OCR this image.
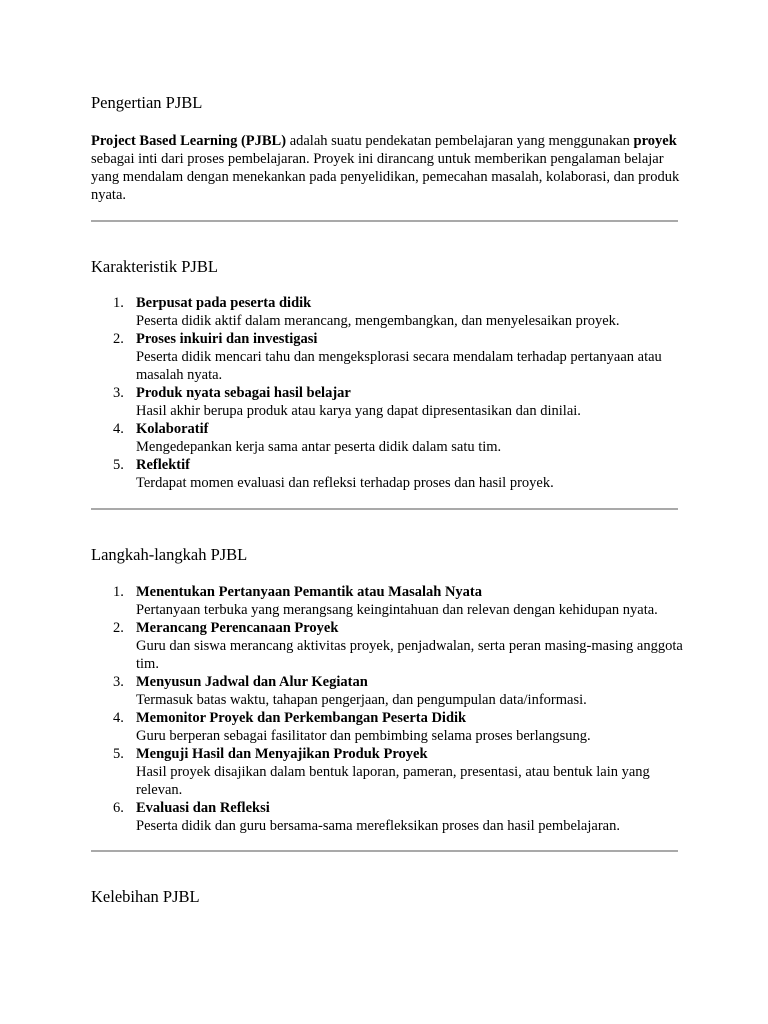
Pengertian PJBL

Project Based Learning (PJBL) adalah suatu pendekatan pembelajaran yang menggunakan proyek sebagai inti dari proses pembelajaran. Proyek ini dirancang untuk memberikan pengalaman belajar yang mendalam dengan menekankan pada penyelidikan, pemecahan masalah, kolaborasi, dan produk nyata.

Karakteristik PJBL
1. Berpusat pada peserta didik
Peserta didik aktif dalam merancang, mengembangkan, dan menyelesaikan proyek.
2. Proses inkuiri dan investigasi
Peserta didik mencari tahu dan mengeksplorasi secara mendalam terhadap pertanyaan atau masalah nyata.
3. Produk nyata sebagai hasil belajar
Hasil akhir berupa produk atau karya yang dapat dipresentasikan dan dinilai.
4. Kolaboratif
Mengedepankan kerja sama antar peserta didik dalam satu tim.
5. Reflektif
Terdapat momen evaluasi dan refleksi terhadap proses dan hasil proyek.
Langkah-langkah PJBL
1. Menentukan Pertanyaan Pemantik atau Masalah Nyata
Pertanyaan terbuka yang merangsang keingintahuan dan relevan dengan kehidupan nyata.
2. Merancang Perencanaan Proyek
Guru dan siswa merancang aktivitas proyek, penjadwalan, serta peran masing-masing anggota tim.
3. Menyusun Jadwal dan Alur Kegiatan
Termasuk batas waktu, tahapan pengerjaan, dan pengumpulan data/informasi.
4. Memonitor Proyek dan Perkembangan Peserta Didik
Guru berperan sebagai fasilitator dan pembimbing selama proses berlangsung.
5. Menguji Hasil dan Menyajikan Produk Proyek
Hasil proyek disajikan dalam bentuk laporan, pameran, presentasi, atau bentuk lain yang relevan.
6. Evaluasi dan Refleksi
Peserta didik dan guru bersama-sama merefleksikan proses dan hasil pembelajaran.
Kelebihan PJBL
